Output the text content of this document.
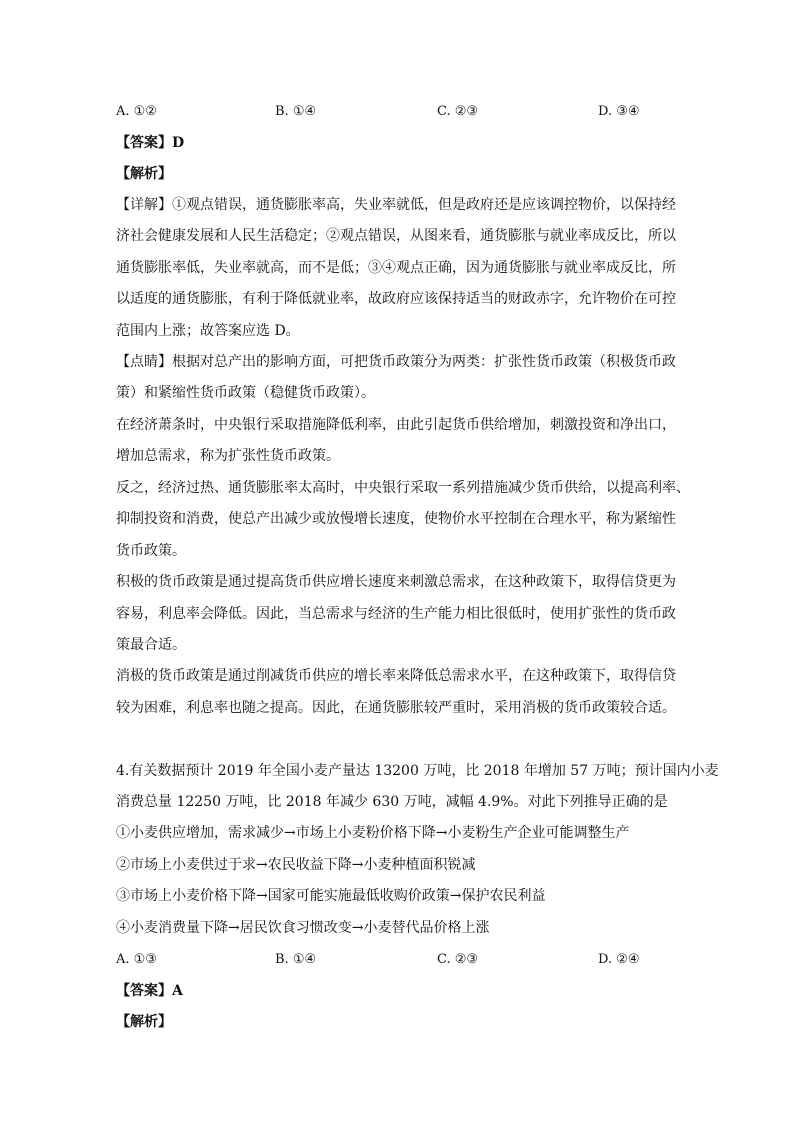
A. ①②	B. ①④	C. ②③	D. ③④
【答案】D
【解析】
【详解】①观点错误，通货膨胀率高，失业率就低，但是政府还是应该调控物价，以保持经
济社会健康发展和人民生活稳定；②观点错误，从图来看，通货膨胀与就业率成反比，所以
通货膨胀率低，失业率就高，而不是低；③④观点正确，因为通货膨胀与就业率成反比，所
以适度的通货膨胀，有利于降低就业率，故政府应该保持适当的财政赤字，允许物价在可控
范围内上涨；故答案应选 D。
【点睛】根据对总产出的影响方面，可把货币政策分为两类：扩张性货币政策（积极货币政
策）和紧缩性货币政策（稳健货币政策）。
在经济萧条时，中央银行采取措施降低利率，由此引起货币供给增加，刺激投资和净出口，
增加总需求，称为扩张性货币政策。
反之，经济过热、通货膨胀率太高时，中央银行采取一系列措施减少货币供给，以提高利率、
抑制投资和消费，使总产出减少或放慢增长速度，使物价水平控制在合理水平，称为紧缩性
货币政策。
积极的货币政策是通过提高货币供应增长速度来刺激总需求，在这种政策下，取得信贷更为
容易，利息率会降低。因此，当总需求与经济的生产能力相比很低时，使用扩张性的货币政
策最合适。
消极的货币政策是通过削减货币供应的增长率来降低总需求水平，在这种政策下，取得信贷
较为困难，利息率也随之提高。因此，在通货膨胀较严重时，采用消极的货币政策较合适。
4.有关数据预计 2019 年全国小麦产量达 13200 万吨，比 2018 年增加 57 万吨；预计国内小麦
消费总量 12250 万吨，比 2018 年减少 630 万吨，减幅 4.9%。对此下列推导正确的是
①小麦供应增加，需求减少→市场上小麦粉价格下降→小麦粉生产企业可能调整生产
②市场上小麦供过于求→农民收益下降→小麦种植面积锐减
③市场上小麦价格下降→国家可能实施最低收购价政策→保护农民利益
④小麦消费量下降→居民饮食习惯改变→小麦替代品价格上涨
A. ①③	B. ①④	C. ②③	D. ②④
【答案】A
【解析】
